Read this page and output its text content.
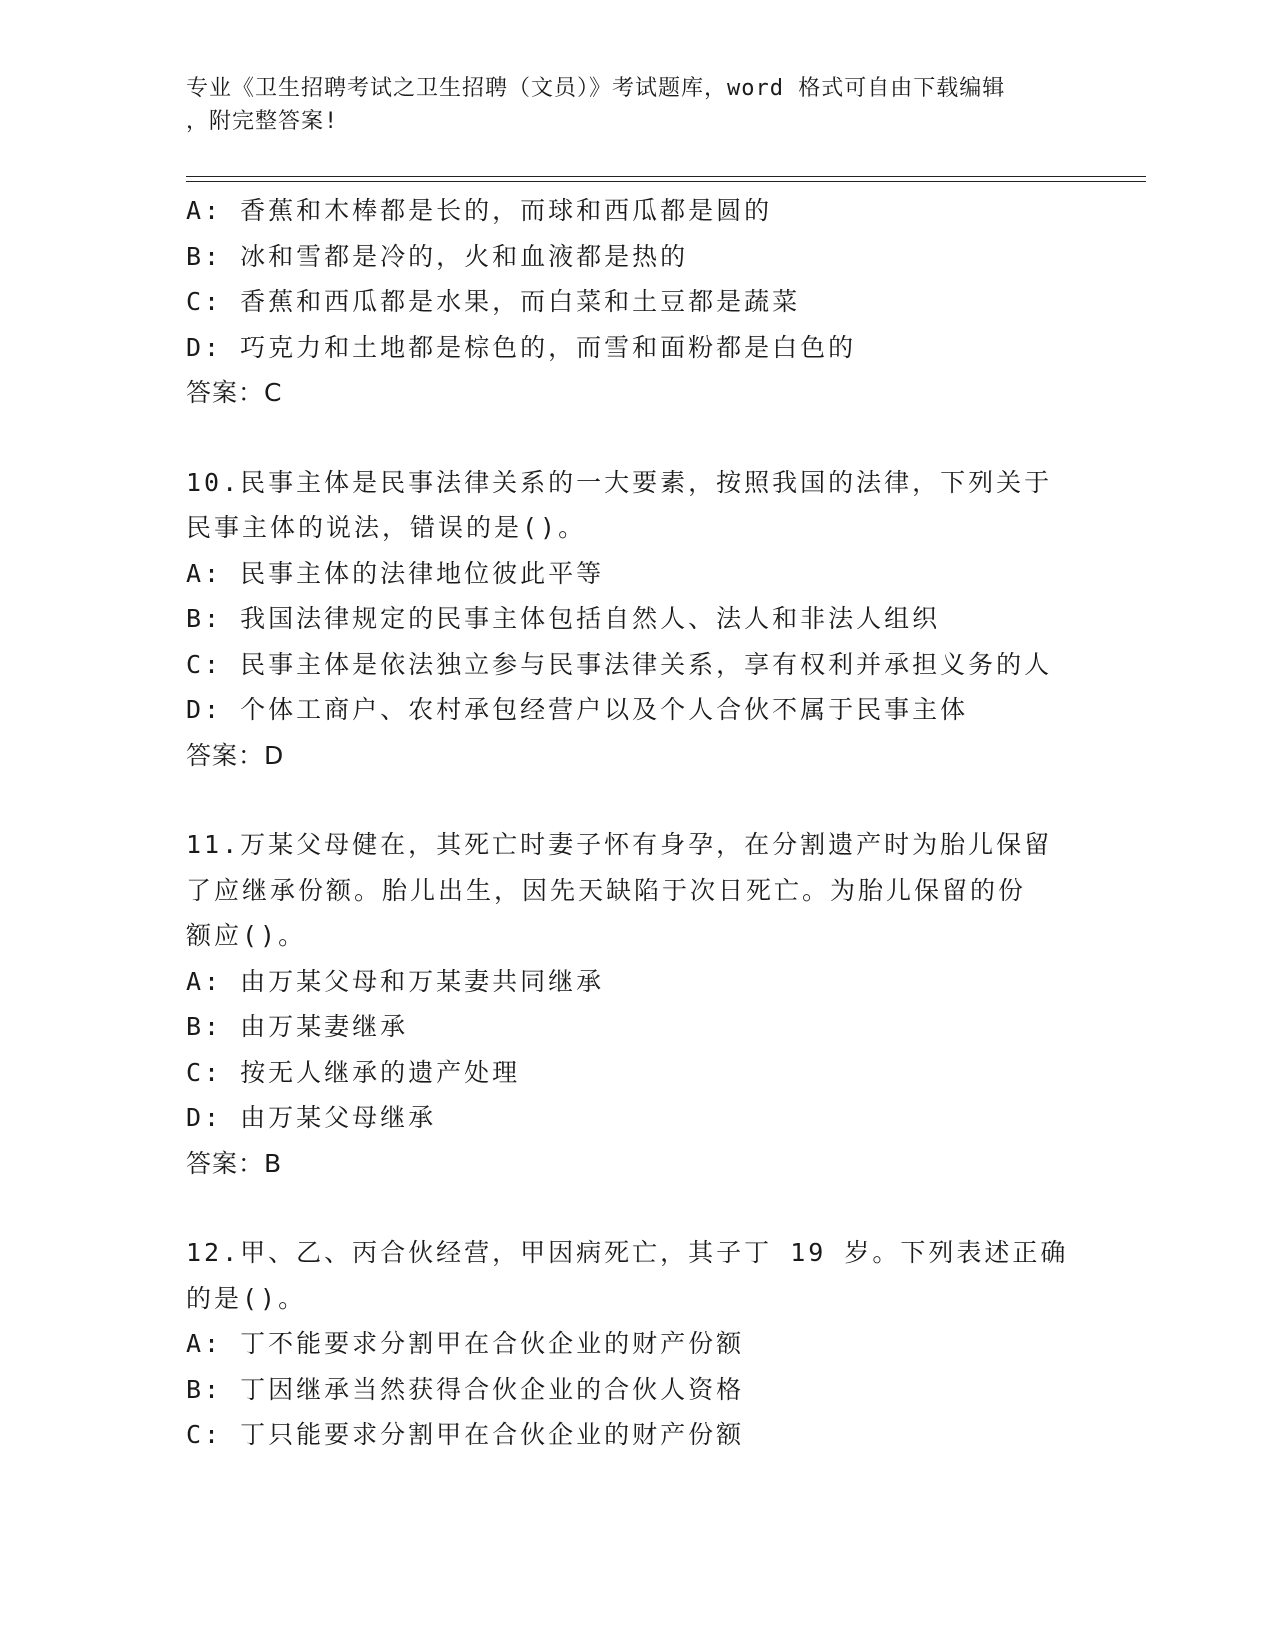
专业《卫生招聘考试之卫生招聘（文员）》考试题库，word 格式可自由下载编辑
，附完整答案!
A: 香蕉和木棒都是长的，而球和西瓜都是圆的
B: 冰和雪都是冷的，火和血液都是热的
C: 香蕉和西瓜都是水果，而白菜和土豆都是蔬菜
D: 巧克力和土地都是棕色的，而雪和面粉都是白色的
答案：C
10.民事主体是民事法律关系的一大要素，按照我国的法律，下列关于
民事主体的说法，错误的是()。
A: 民事主体的法律地位彼此平等
B: 我国法律规定的民事主体包括自然人、法人和非法人组织
C: 民事主体是依法独立参与民事法律关系，享有权利并承担义务的人
D: 个体工商户、农村承包经营户以及个人合伙不属于民事主体
答案：D
11.万某父母健在，其死亡时妻子怀有身孕，在分割遗产时为胎儿保留
了应继承份额。胎儿出生，因先天缺陷于次日死亡。为胎儿保留的份
额应()。
A: 由万某父母和万某妻共同继承
B: 由万某妻继承
C: 按无人继承的遗产处理
D: 由万某父母继承
答案：B
12.甲、乙、丙合伙经营，甲因病死亡，其子丁 19 岁。下列表述正确
的是()。
A: 丁不能要求分割甲在合伙企业的财产份额
B: 丁因继承当然获得合伙企业的合伙人资格
C: 丁只能要求分割甲在合伙企业的财产份额
